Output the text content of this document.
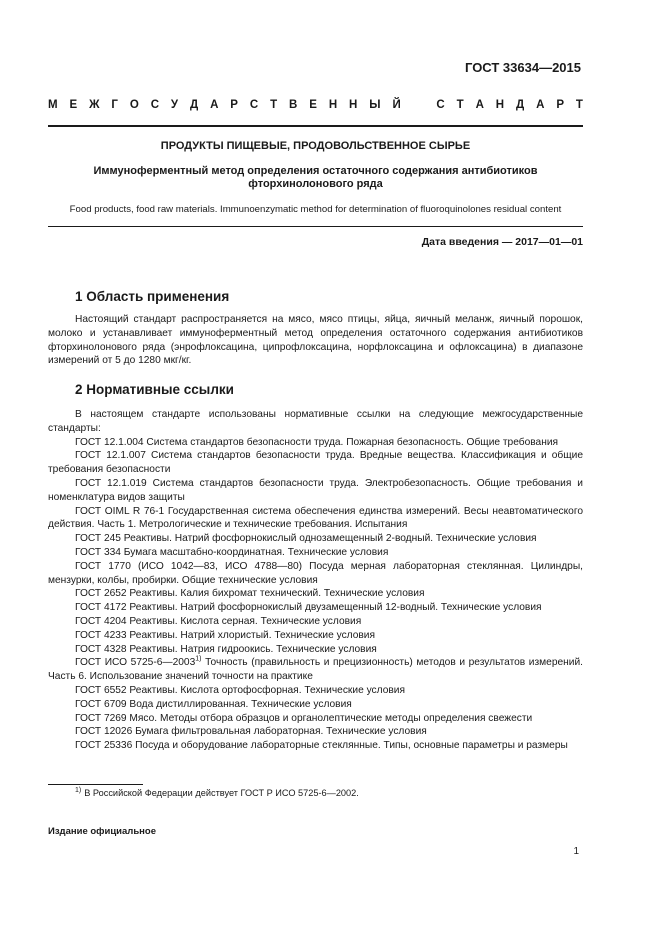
ГОСТ 33634—2015
М Е Ж Г О С У Д А Р С Т В Е Н Н Ы Й	С Т А Н Д А Р Т
ПРОДУКТЫ ПИЩЕВЫЕ, ПРОДОВОЛЬСТВЕННОЕ СЫРЬЕ
Иммуноферментный метод определения остаточного содержания антибиотиков
фторхинолонового ряда
Food products, food raw materials. Immunoenzymatic method for determination of fluoroquinolones residual content
Дата введения — 2017—01—01
1 Область применения

Настоящий стандарт распространяется на мясо, мясо птицы, яйца, яичный меланж, яичный порошок, молоко и устанавливает иммуноферментный метод определения остаточного содержания антибиотиков фторхинолонового ряда (энрофлоксацина, ципрофлоксацина, норфлоксацина и офлоксацина) в диапазоне измерений от 5 до 1280 мкг/кг.

2 Нормативные ссылки

В настоящем стандарте использованы нормативные ссылки на следующие межгосударственные стандарты:

ГОСТ 12.1.004 Система стандартов безопасности труда. Пожарная безопасность. Общие требования

ГОСТ 12.1.007 Система стандартов безопасности труда. Вредные вещества. Классификация и общие требования безопасности

ГОСТ 12.1.019 Система стандартов безопасности труда. Электробезопасность. Общие требования и номенклатура видов защиты

ГОСТ OIML R 76-1 Государственная система обеспечения единства измерений. Весы неавтоматического действия. Часть 1. Метрологические и технические требования. Испытания

ГОСТ 245 Реактивы. Натрий фосфорнокислый однозамещенный 2-водный. Технические условия

ГОСТ 334 Бумага масштабно-координатная. Технические условия

ГОСТ 1770 (ИСО 1042—83, ИСО 4788—80) Посуда мерная лабораторная стеклянная. Цилиндры, мензурки, колбы, пробирки. Общие технические условия

ГОСТ 2652 Реактивы. Калия бихромат технический. Технические условия

ГОСТ 4172 Реактивы. Натрий фосфорнокислый двузамещенный 12-водный. Технические условия

ГОСТ 4204 Реактивы. Кислота серная. Технические условия

ГОСТ 4233 Реактивы. Натрий хлористый. Технические условия

ГОСТ 4328 Реактивы. Натрия гидроокись. Технические условия

ГОСТ ИСО 5725-6—2003$^{1)}$ Точность (правильность и прецизионность) методов и результатов измерений. Часть 6. Использование значений точности на практике

ГОСТ 6552 Реактивы. Кислота ортофосфорная. Технические условия

ГОСТ 6709 Вода дистиллированная. Технические условия

ГОСТ 7269 Мясо. Методы отбора образцов и органолептические методы определения свежести

ГОСТ 12026 Бумага фильтровальная лабораторная. Технические условия

ГОСТ 25336 Посуда и оборудование лабораторные стеклянные. Типы, основные параметры и размеры

$^{1)}$ В Российской Федерации действует ГОСТ Р ИСО 5725-6—2002.
Издание официальное
1
